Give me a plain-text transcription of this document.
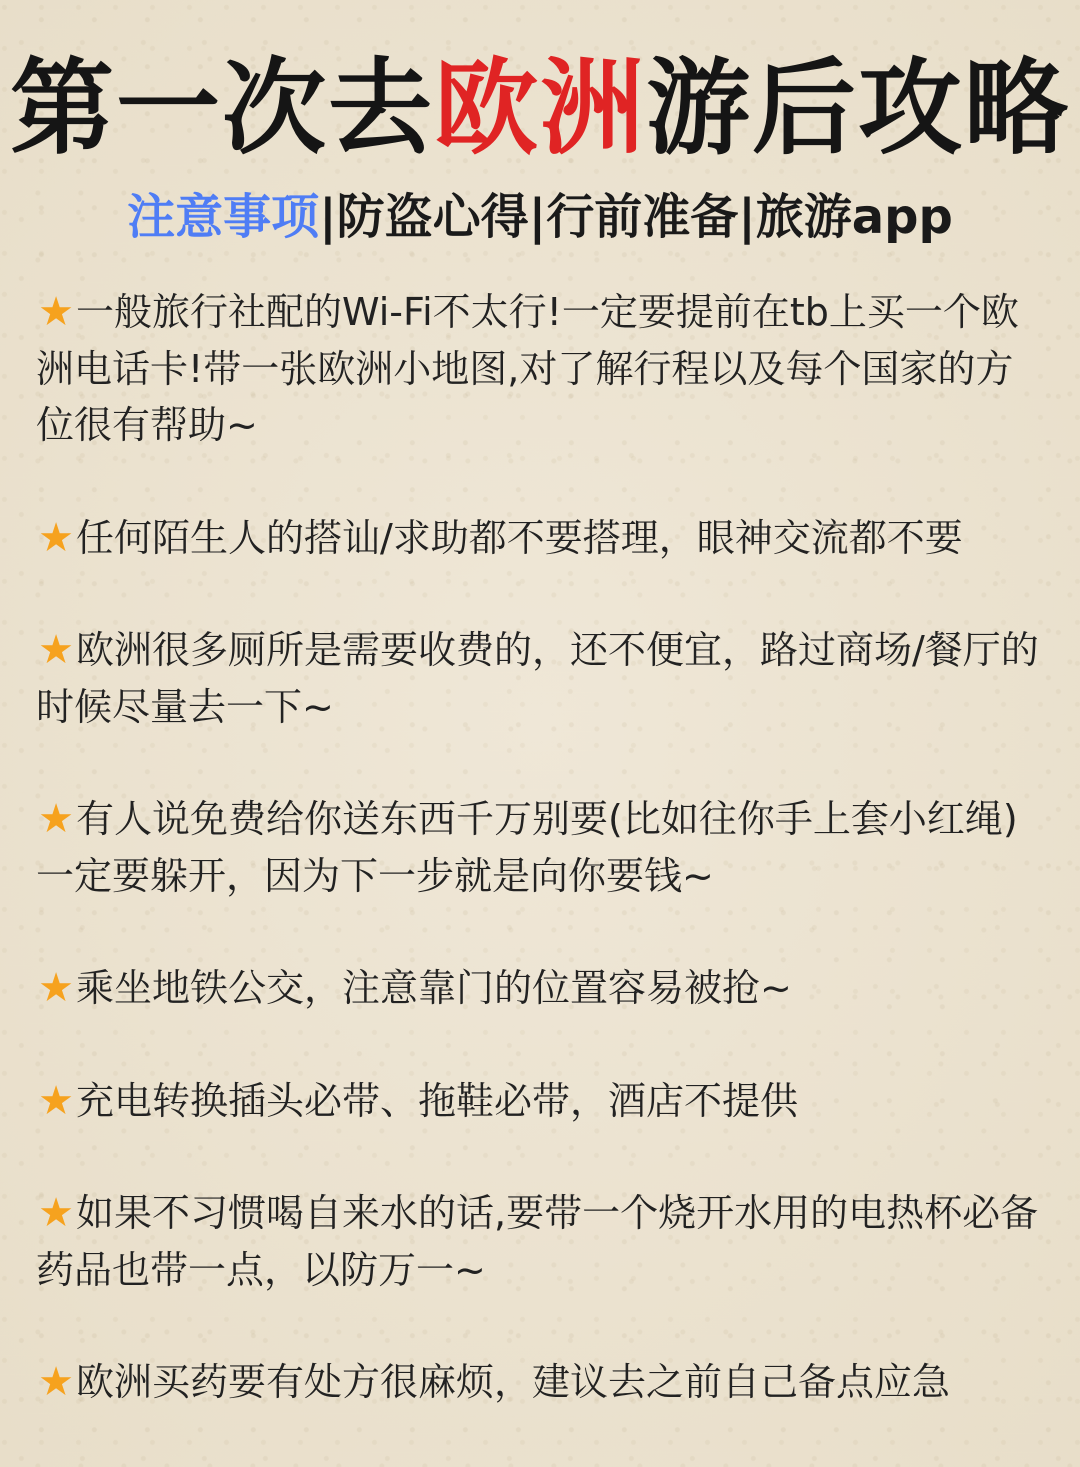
第一次去欧洲游后攻略
注意事项|防盗心得|行前准备|旅游app
★一般旅行社配的Wi-Fi不太行!一定要提前在tb上买一个欧洲电话卡!带一张欧洲小地图,对了解行程以及每个国家的方位很有帮助~
★任何陌生人的搭讪/求助都不要搭理，眼神交流都不要
★欧洲很多厕所是需要收费的，还不便宜，路过商场/餐厅的时候尽量去一下~
★有人说免费给你送东西千万别要(比如往你手上套小红绳)一定要躲开，因为下一步就是向你要钱~
★乘坐地铁公交，注意靠门的位置容易被抢~
★充电转换插头必带、拖鞋必带，酒店不提供
★如果不习惯喝自来水的话,要带一个烧开水用的电热杯必备药品也带一点，以防万一~
★欧洲买药要有处方很麻烦，建议去之前自己备点应急
